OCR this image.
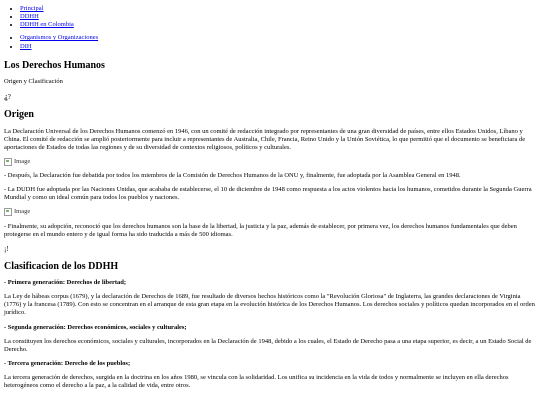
• Principal
• DDHH
• DDHH en Colombia
• Organismos y Organizaciones
• DIH
Los Derechos Humanos

Origen y Clasificación

⸘?
Origen

La Declaración Universal de los Derechos Humanos comenzó en 1946, con un comité de redacción integrado por representantes de una gran diversidad de países, entre ellos Estados Unidos, Líbano y China. El comité de redacción se amplió posteriormente para incluir a representantes de Australia, Chile, Francia, Reino Unido y la Unión Soviética, lo que permitió que el documento se beneficiara de aportaciones de Estados de todas las regiones y de su diversidad de contextos religiosos, políticos y culturales.

Image

- Después, la Declaración fue debatida por todos los miembros de la Comisión de Derechos Humanos de la ONU y, finalmente, fue adoptada por la Asamblea General en 1948.

- La DUDH fue adoptada por las Naciones Unidas, que acababa de establecerse, el 10 de diciembre de 1948 como respuesta a los actos violentos hacia los humanos, cometidos durante la Segunda Guerra Mundial y como un ideal común para todos los pueblos y naciones.

Image

- Finalmente, su adopción, reconoció que los derechos humanos son la base de la libertad, la justicia y la paz, además de establecer, por primera vez, los derechos humanos fundamentales que deben protegerse en el mundo entero y de igual forma ha sido traducida a más de 500 idiomas.

¡!
Clasificacion de los DDHH

- Primera generación: Derechos de libertad;

La Ley de hábeas corpus (1679), y la declaración de Derechos de 1689, fue resultado de diversos hechos históricos como la "Revolución Gloriosa" de Inglaterra, las grandes declaraciones de Virginia (1776) y la francesa (1789). Con esto se concentran en el arranque de esta gran etapa en la evolución histórica de los Derechos Humanos. Los derechos sociales y políticos quedan incorporados en el orden jurídico.

- Segunda generación: Derechos económicos, sociales y culturales;

La constituyen los derechos económicos, sociales y culturales, incorporados en la Declaración de 1948, debido a los cuales, el Estado de Derecho pasa a una etapa superior, es decir, a un Estado Social de Derecho.

- Tercera generación: Derecho de los pueblos;

La tercera generación de derechos, surgida en la doctrina en los años 1980, se vincula con la solidaridad. Los unifica su incidencia en la vida de todos y normalmente se incluyen en ella derechos heterogéneos como el derecho a la paz, a la calidad de vida, entre otros.
